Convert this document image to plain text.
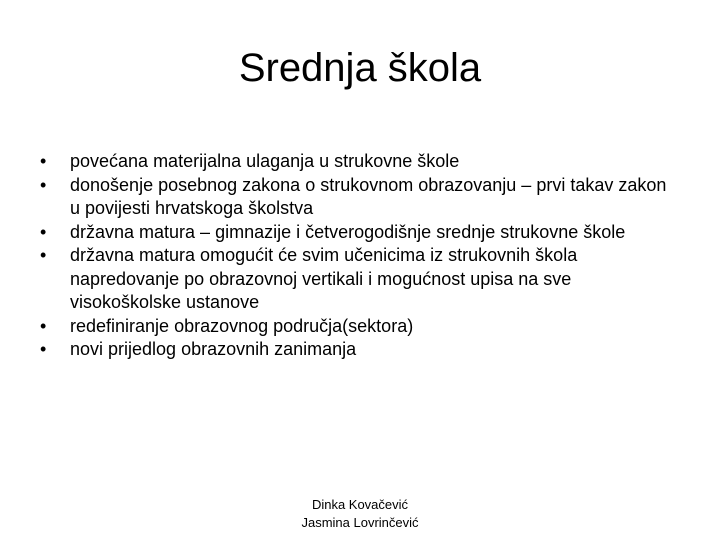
Srednja škola
•	povećana materijalna ulaganja u strukovne škole
•	donošenje posebnog zakona o strukovnom obrazovanju – prvi takav zakon u povijesti hrvatskoga školstva
•	državna matura – gimnazije i četverogodišnje srednje strukovne škole
•	državna matura omogućit će svim učenicima iz strukovnih škola napredovanje po obrazovnoj vertikali i mogućnost upisa na sve visokoškolske ustanove
•	redefiniranje obrazovnog područja(sektora)
•	novi prijedlog obrazovnih zanimanja
Dinka Kovačević
Jasmina Lovrinčević
